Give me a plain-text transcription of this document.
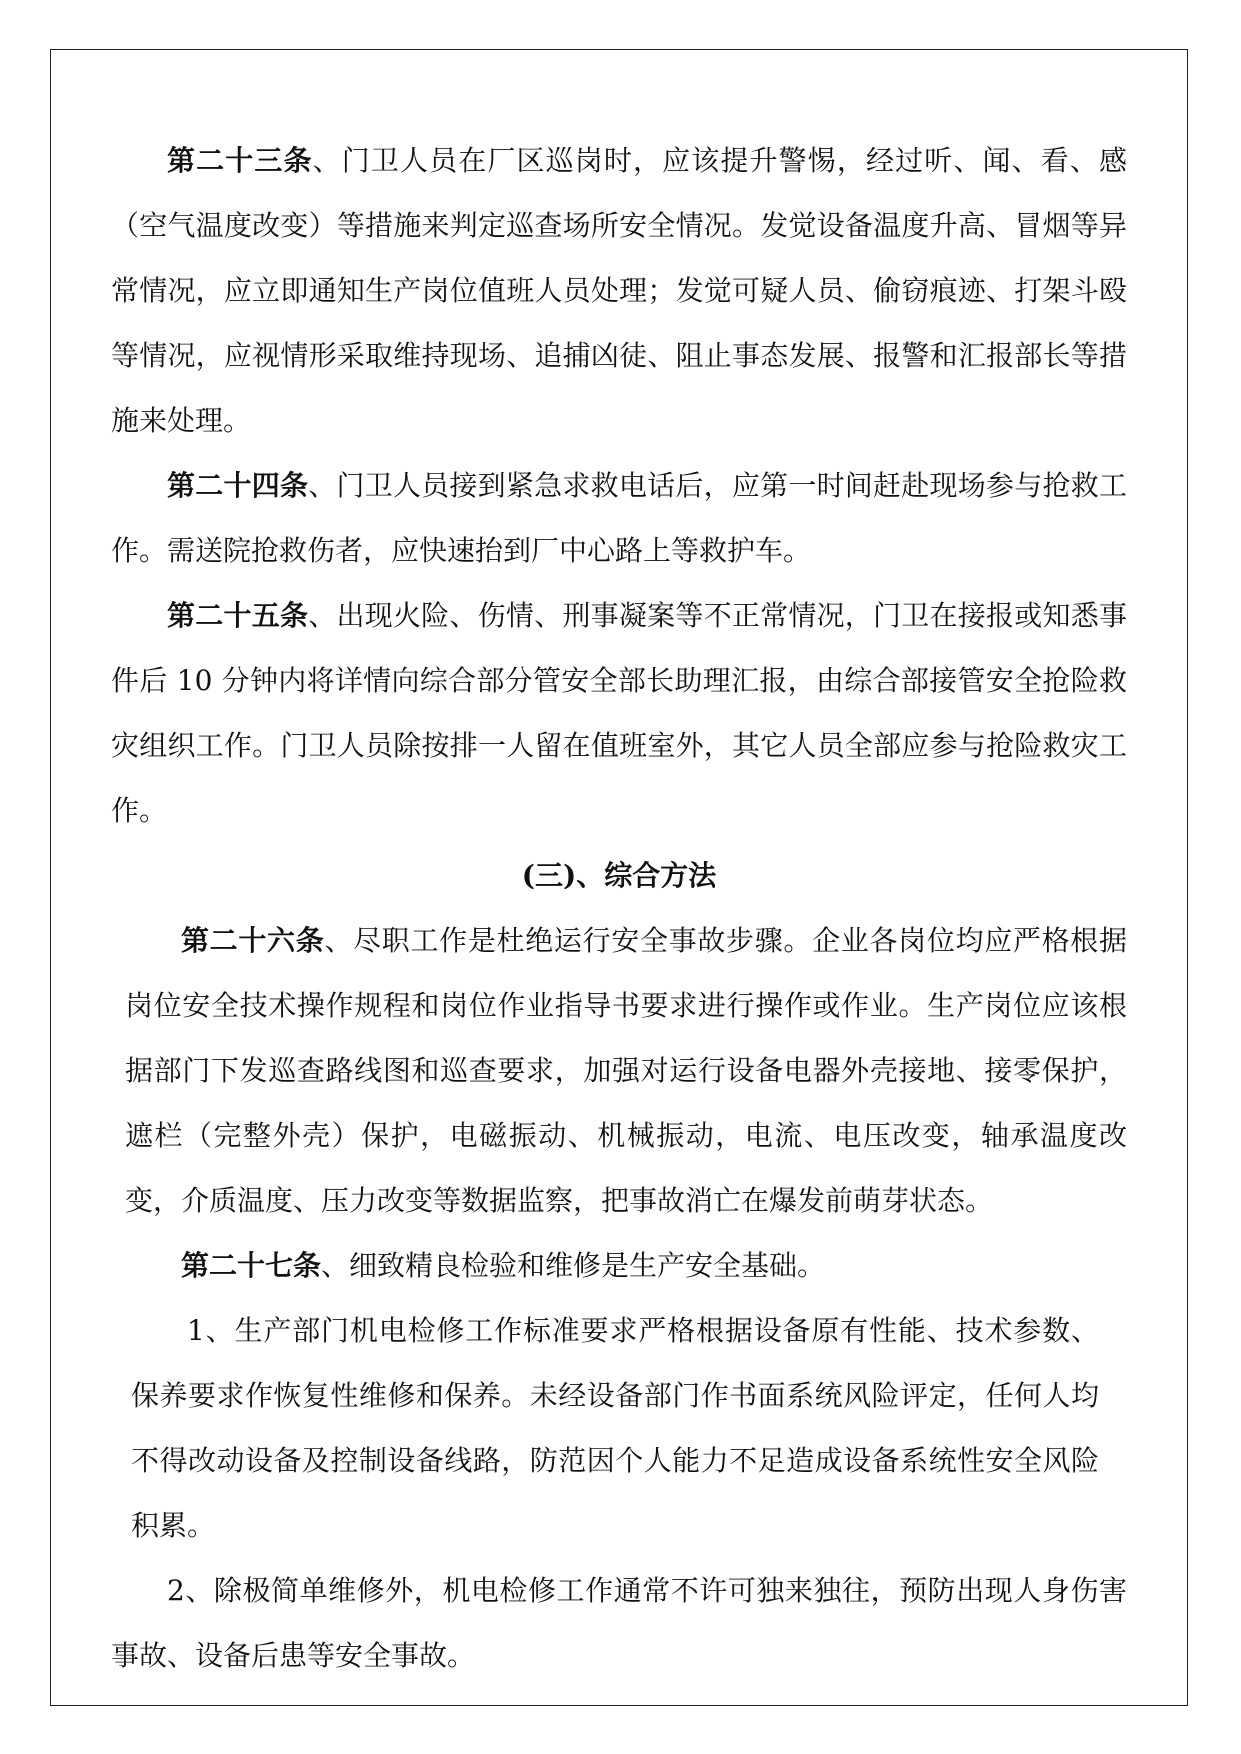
第二十三条、门卫人员在厂区巡岗时，应该提升警惕，经过听、闻、看、感（空气温度改变）等措施来判定巡查场所安全情况。发觉设备温度升高、冒烟等异常情况，应立即通知生产岗位值班人员处理；发觉可疑人员、偷窃痕迹、打架斗殴等情况，应视情形采取维持现场、追捕凶徒、阻止事态发展、报警和汇报部长等措施来处理。

第二十四条、门卫人员接到紧急求救电话后，应第一时间赶赴现场参与抢救工作。需送院抢救伤者，应快速抬到厂中心路上等救护车。

第二十五条、出现火险、伤情、刑事凝案等不正常情况，门卫在接报或知悉事件后 10 分钟内将详情向综合部分管安全部长助理汇报，由综合部接管安全抢险救灾组织工作。门卫人员除按排一人留在值班室外，其它人员全部应参与抢险救灾工作。

(三)、综合方法

第二十六条、尽职工作是杜绝运行安全事故步骤。企业各岗位均应严格根据岗位安全技术操作规程和岗位作业指导书要求进行操作或作业。生产岗位应该根据部门下发巡查路线图和巡查要求，加强对运行设备电器外壳接地、接零保护，遮栏（完整外壳）保护，电磁振动、机械振动，电流、电压改变，轴承温度改变，介质温度、压力改变等数据监察，把事故消亡在爆发前萌芽状态。

第二十七条、细致精良检验和维修是生产安全基础。

1、生产部门机电检修工作标准要求严格根据设备原有性能、技术参数、保养要求作恢复性维修和保养。未经设备部门作书面系统风险评定，任何人均不得改动设备及控制设备线路，防范因个人能力不足造成设备系统性安全风险积累。

2、除极简单维修外，机电检修工作通常不许可独来独往，预防出现人身伤害事故、设备后患等安全事故。
